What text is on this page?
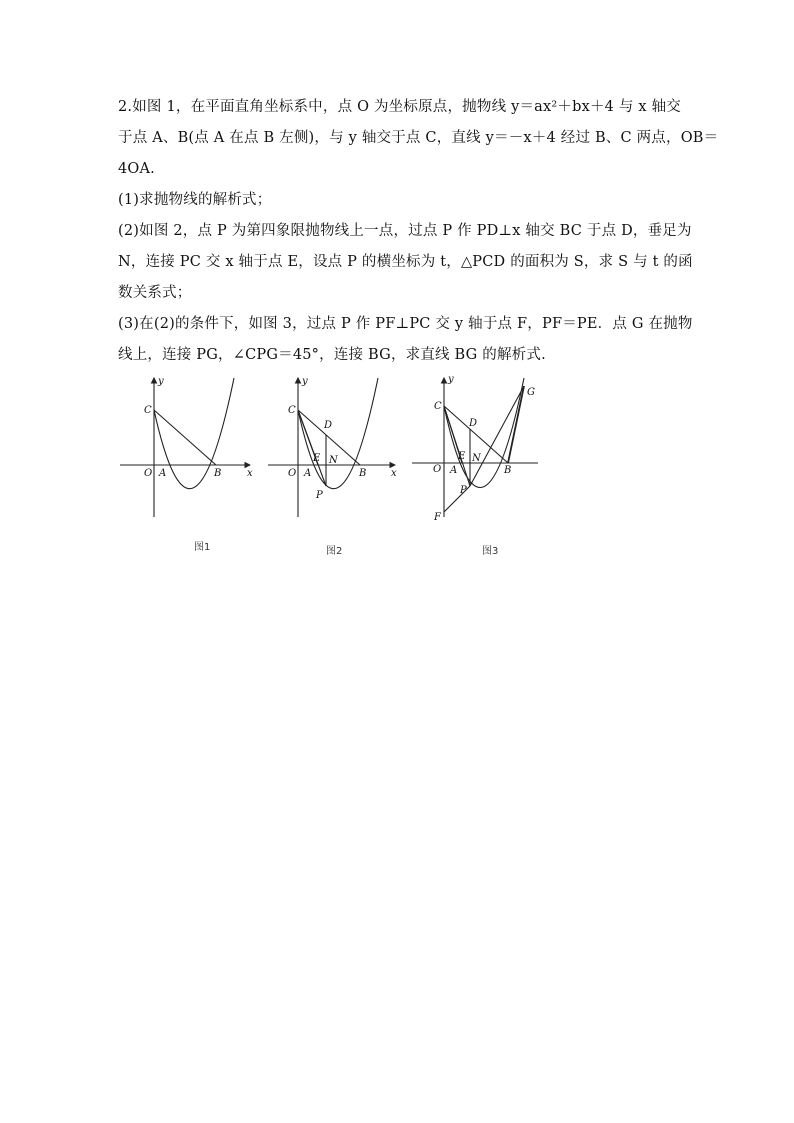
2.如图 1，在平面直角坐标系中，点 O 为坐标原点，抛物线 y＝ax²＋bx＋4 与 x 轴交
于点 A、B(点 A 在点 B 左侧)，与 y 轴交于点 C，直线 y＝－x＋4 经过 B、C 两点，OB＝
4OA.
(1)求抛物线的解析式；
(2)如图 2，点 P 为第四象限抛物线上一点，过点 P 作 PD⊥x 轴交 BC 于点 D，垂足为
N，连接 PC 交 x 轴于点 E，设点 P 的横坐标为 t，△PCD 的面积为 S，求 S 与 t 的函
数关系式；
(3)在(2)的条件下，如图 3，过点 P 作 PF⊥PC 交 y 轴于点 F，PF＝PE．点 G 在抛物
线上，连接 PG，∠CPG＝45°，连接 BG，求直线 BG 的解析式.
y
x
C
O A	B
y
x
C
D
E N
O A	B
P
y
C
D
E N
O A	B
P
F
G
图1	图2	图3
